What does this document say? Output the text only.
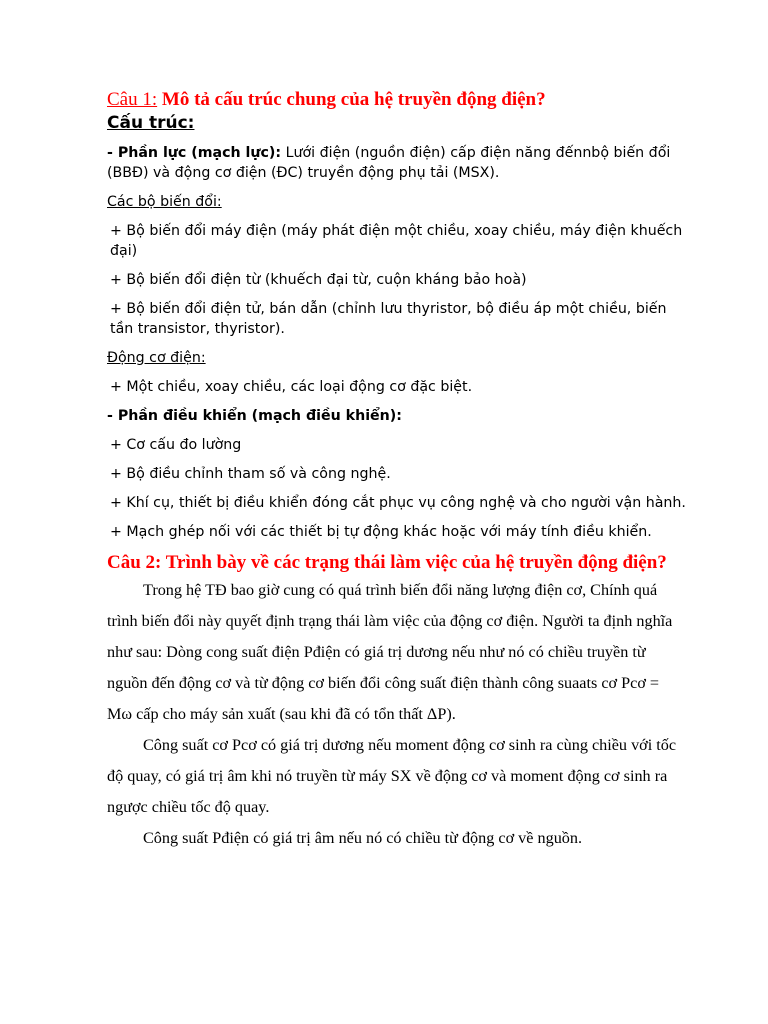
Câu 1: Mô tả cấu trúc chung của hệ truyền động điện?
Cấu trúc:

- Phần lực (mạch lực): Lưới điện (nguồn điện) cấp điện năng đếnnbộ biến đổi (BBĐ) và động cơ điện (ĐC) truyền động phụ tải (MSX).

Các bộ biến đổi:

+ Bộ biến đổi máy điện (máy phát điện một chiều, xoay chiều, máy điện khuếch đại)

+ Bộ biến đổi điện từ (khuếch đại từ, cuộn kháng bảo hoà)

+ Bộ biến đổi điện tử, bán dẫn (chỉnh lưu thyristor, bộ điều áp một chiều, biến tần transistor, thyristor).

Động cơ điện:

+ Một chiều, xoay chiều, các loại động cơ đặc biệt.

- Phần điều khiển (mạch điều khiển):

+ Cơ cấu đo lường

+ Bộ điều chỉnh tham số và công nghệ.

+ Khí cụ, thiết bị điều khiển đóng cắt phục vụ công nghệ và cho người vận hành.

+ Mạch ghép nối với các thiết bị tự động khác hoặc với máy tính điều khiển.

Câu 2: Trình bày về các trạng thái làm việc của hệ truyền động điện?

Trong hệ TĐ bao giờ cung có quá trình biến đổi năng lượng điện cơ, Chính quá trình biến đổi này quyết định trạng thái làm việc của động cơ điện. Người ta định nghĩa như sau: Dòng cong suất điện Pđiện có giá trị dương nếu như nó có chiều truyền từ nguồn đến động cơ và từ động cơ biến đổi công suất điện thành công suaats cơ Pcơ = Mω cấp cho máy sản xuất (sau khi đã có tổn thất ΔP).

Công suất cơ Pcơ có giá trị dương nếu moment động cơ sinh ra cùng chiều với tốc độ quay, có giá trị âm khi nó truyền từ máy SX về động cơ và moment động cơ sinh ra ngược chiều tốc độ quay.

Công suất Pđiện có giá trị âm nếu nó có chiều từ động cơ về nguồn.
